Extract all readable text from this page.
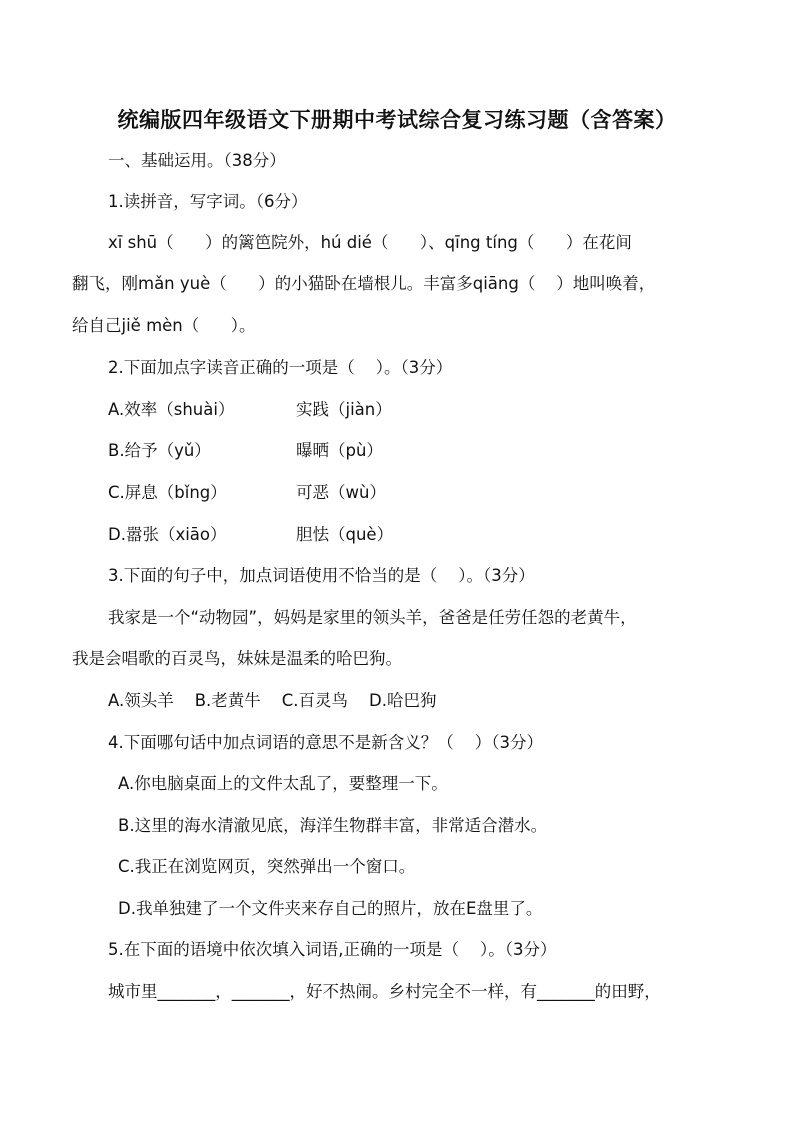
统编版四年级语文下册期中考试综合复习练习题（含答案）
一、基础运用。（38分）
1.读拼音，写字词。（6分）
xī shū（      ）的篱笆院外，hú dié（      ）、qīng tíng（      ）在花间
翻飞，刚mǎn yuè（      ）的小猫卧在墙根儿。丰富多qiāng（    ）地叫唤着，
给自己jiě mèn（      ）。
2.下面加点字读音正确的一项是（    ）。（3分）
A.效率（shuài）	实践（jiàn）
B.给予（yǔ）	曝晒（pù）
C.屏息（bǐng）	可恶（wù）
D.嚣张（xiāo）	胆怯（què）
3.下面的句子中，加点词语使用不恰当的是（    ）。（3分）
我家是一个“动物园”，妈妈是家里的领头羊，爸爸是任劳任怨的老黄牛，
我是会唱歌的百灵鸟，妹妹是温柔的哈巴狗。
A.领头羊    B.老黄牛    C.百灵鸟    D.哈巴狗
4.下面哪句话中加点词语的意思不是新含义？（    ）（3分）
A.你电脑桌面上的文件太乱了，要整理一下。
B.这里的海水清澈见底，海洋生物群丰富，非常适合潜水。
C.我正在浏览网页，突然弹出一个窗口。
D.我单独建了一个文件夹来存自己的照片，放在E盘里了。
5.在下面的语境中依次填入词语,正确的一项是（    ）。（3分）
城市里_______，_______，好不热闹。乡村完全不一样，有_______的田野，
